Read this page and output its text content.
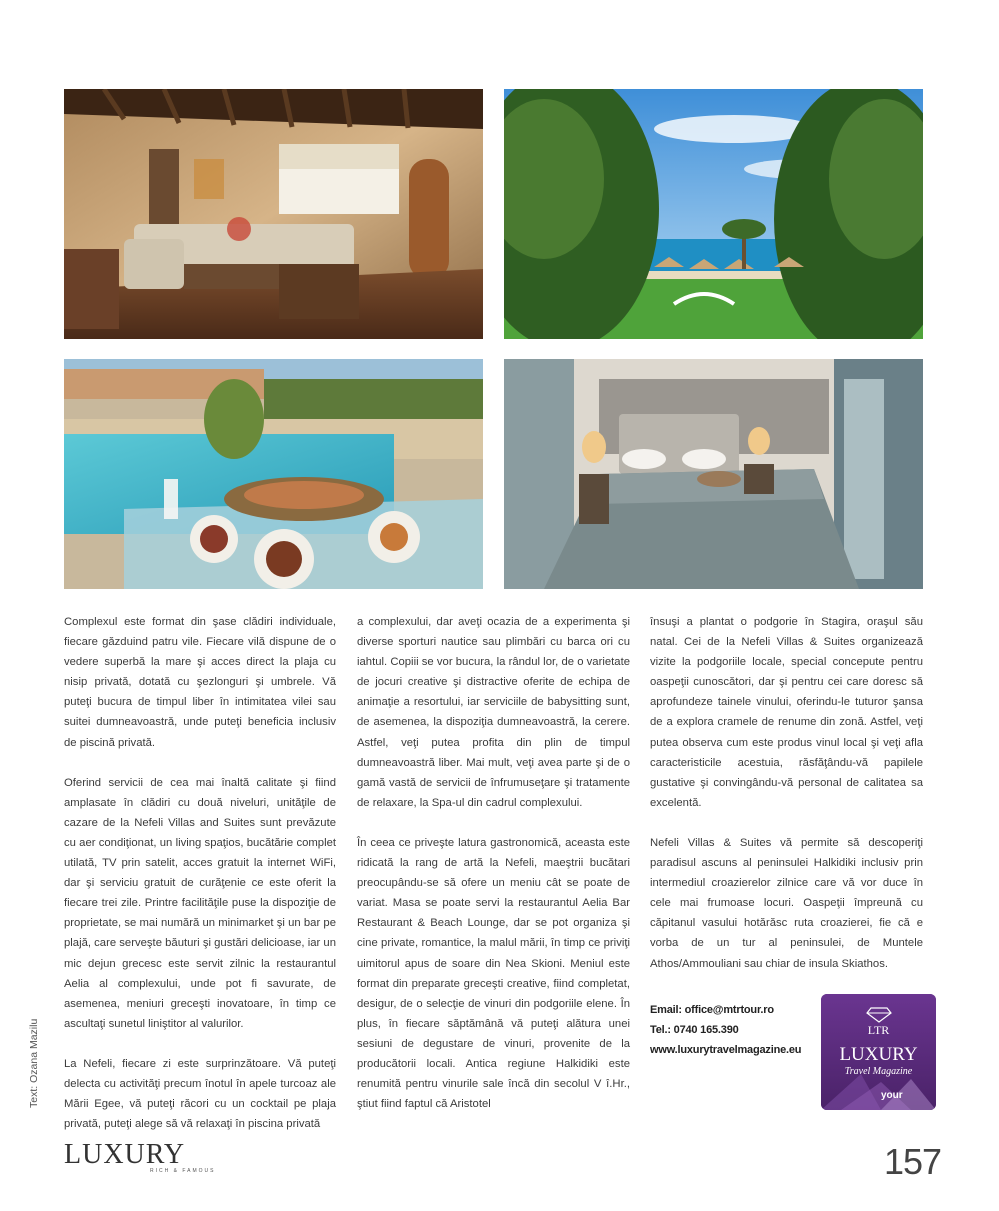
Complexul este format din şase clădiri individuale, fiecare găzduind patru vile. Fiecare vilă dispune de o vedere superbă la mare şi acces direct la plaja cu nisip privată, dotată cu şezlonguri şi umbrele. Vă puteţi bucura de timpul liber în intimitatea vilei sau suitei dumneavoastră, unde puteţi beneficia inclusiv de piscină privată.

Oferind servicii de cea mai înaltă calitate şi fiind amplasate în clădiri cu două niveluri, unităţile de cazare de la Nefeli Villas and Suites sunt prevăzute cu aer condiţionat, un living spaţios, bucătărie complet utilată, TV prin satelit, acces gratuit la internet WiFi, dar şi serviciu gratuit de curăţenie ce este oferit la fiecare trei zile. Printre facilităţile puse la dispoziţie de proprietate, se mai numără un minimarket şi un bar pe plajă, care serveşte băuturi şi gustări delicioase, iar un mic dejun grecesc este servit zilnic la restaurantul Aelia al complexului, unde pot fi savurate, de asemenea, meniuri greceşti inovatoare, în timp ce ascultaţi sunetul liniştitor al valurilor.

La Nefeli, fiecare zi este surprinzătoare. Vă puteţi delecta cu activităţi precum înotul în apele turcoaz ale Mării Egee, vă puteţi răcori cu un cocktail pe plaja privată, puteţi alege să vă relaxaţi în piscina privată

a complexului, dar aveţi ocazia de a experimenta şi diverse sporturi nautice sau plimbări cu barca ori cu iahtul. Copiii se vor bucura, la rândul lor, de o varietate de jocuri creative şi distractive oferite de echipa de animaţie a resortului, iar serviciile de babysitting sunt, de asemenea, la dispoziţia dumneavoastră, la cerere. Astfel, veţi putea profita din plin de timpul dumneavoastră liber. Mai mult, veţi avea parte şi de o gamă vastă de servicii de înfrumuseţare şi tratamente de relaxare, la Spa-ul din cadrul complexului.

În ceea ce priveşte latura gastronomică, aceasta este ridicată la rang de artă la Nefeli, maeştrii bucătari preocupându-se să ofere un meniu cât se poate de variat. Masa se poate servi la restaurantul Aelia Bar Restaurant & Beach Lounge, dar se pot organiza şi cine private, romantice, la malul mării, în timp ce priviţi uimitorul apus de soare din Nea Skioni. Meniul este format din preparate greceşti creative, fiind completat, desigur, de o selecţie de vinuri din podgoriile elene. În plus, în fiecare săptămână vă puteţi alătura unei sesiuni de degustare de vinuri, provenite de la producătorii locali. Antica regiune Halkidiki este renumită pentru vinurile sale încă din secolul V î.Hr., ştiut fiind faptul că Aristotel

însuşi a plantat o podgorie în Stagira, oraşul său natal. Cei de la Nefeli Villas & Suites organizează vizite la podgoriile locale, special concepute pentru oaspeţii cunoscători, dar şi pentru cei care doresc să aprofundeze tainele vinului, oferindu-le tuturor şansa de a explora cramele de renume din zonă. Astfel, veţi putea observa cum este produs vinul local şi veţi afla caracteristicile acestuia, răsfăţându-vă papilele gustative şi convingându-vă personal de calitatea sa excelentă.

Nefeli Villas & Suites vă permite să descoperiţi paradisul ascuns al peninsulei Halkidiki inclusiv prin intermediul croazierelor zilnice care vă vor duce în cele mai frumoase locuri. Oaspeţii împreună cu căpitanul vasului hotărăsc ruta croazierei, fie că e vorba de un tur al peninsulei, de Muntele Athos/Ammouliani sau chiar de insula Skiathos.

Email: office@mtrtour.ro
Tel.: 0740 165.390
www.luxurytravelmagazine.eu
LTR
LUXURY
Travel Magazine
your
Text: Ozana Mazilu
LUXURY
RICH & FAMOUS	157
